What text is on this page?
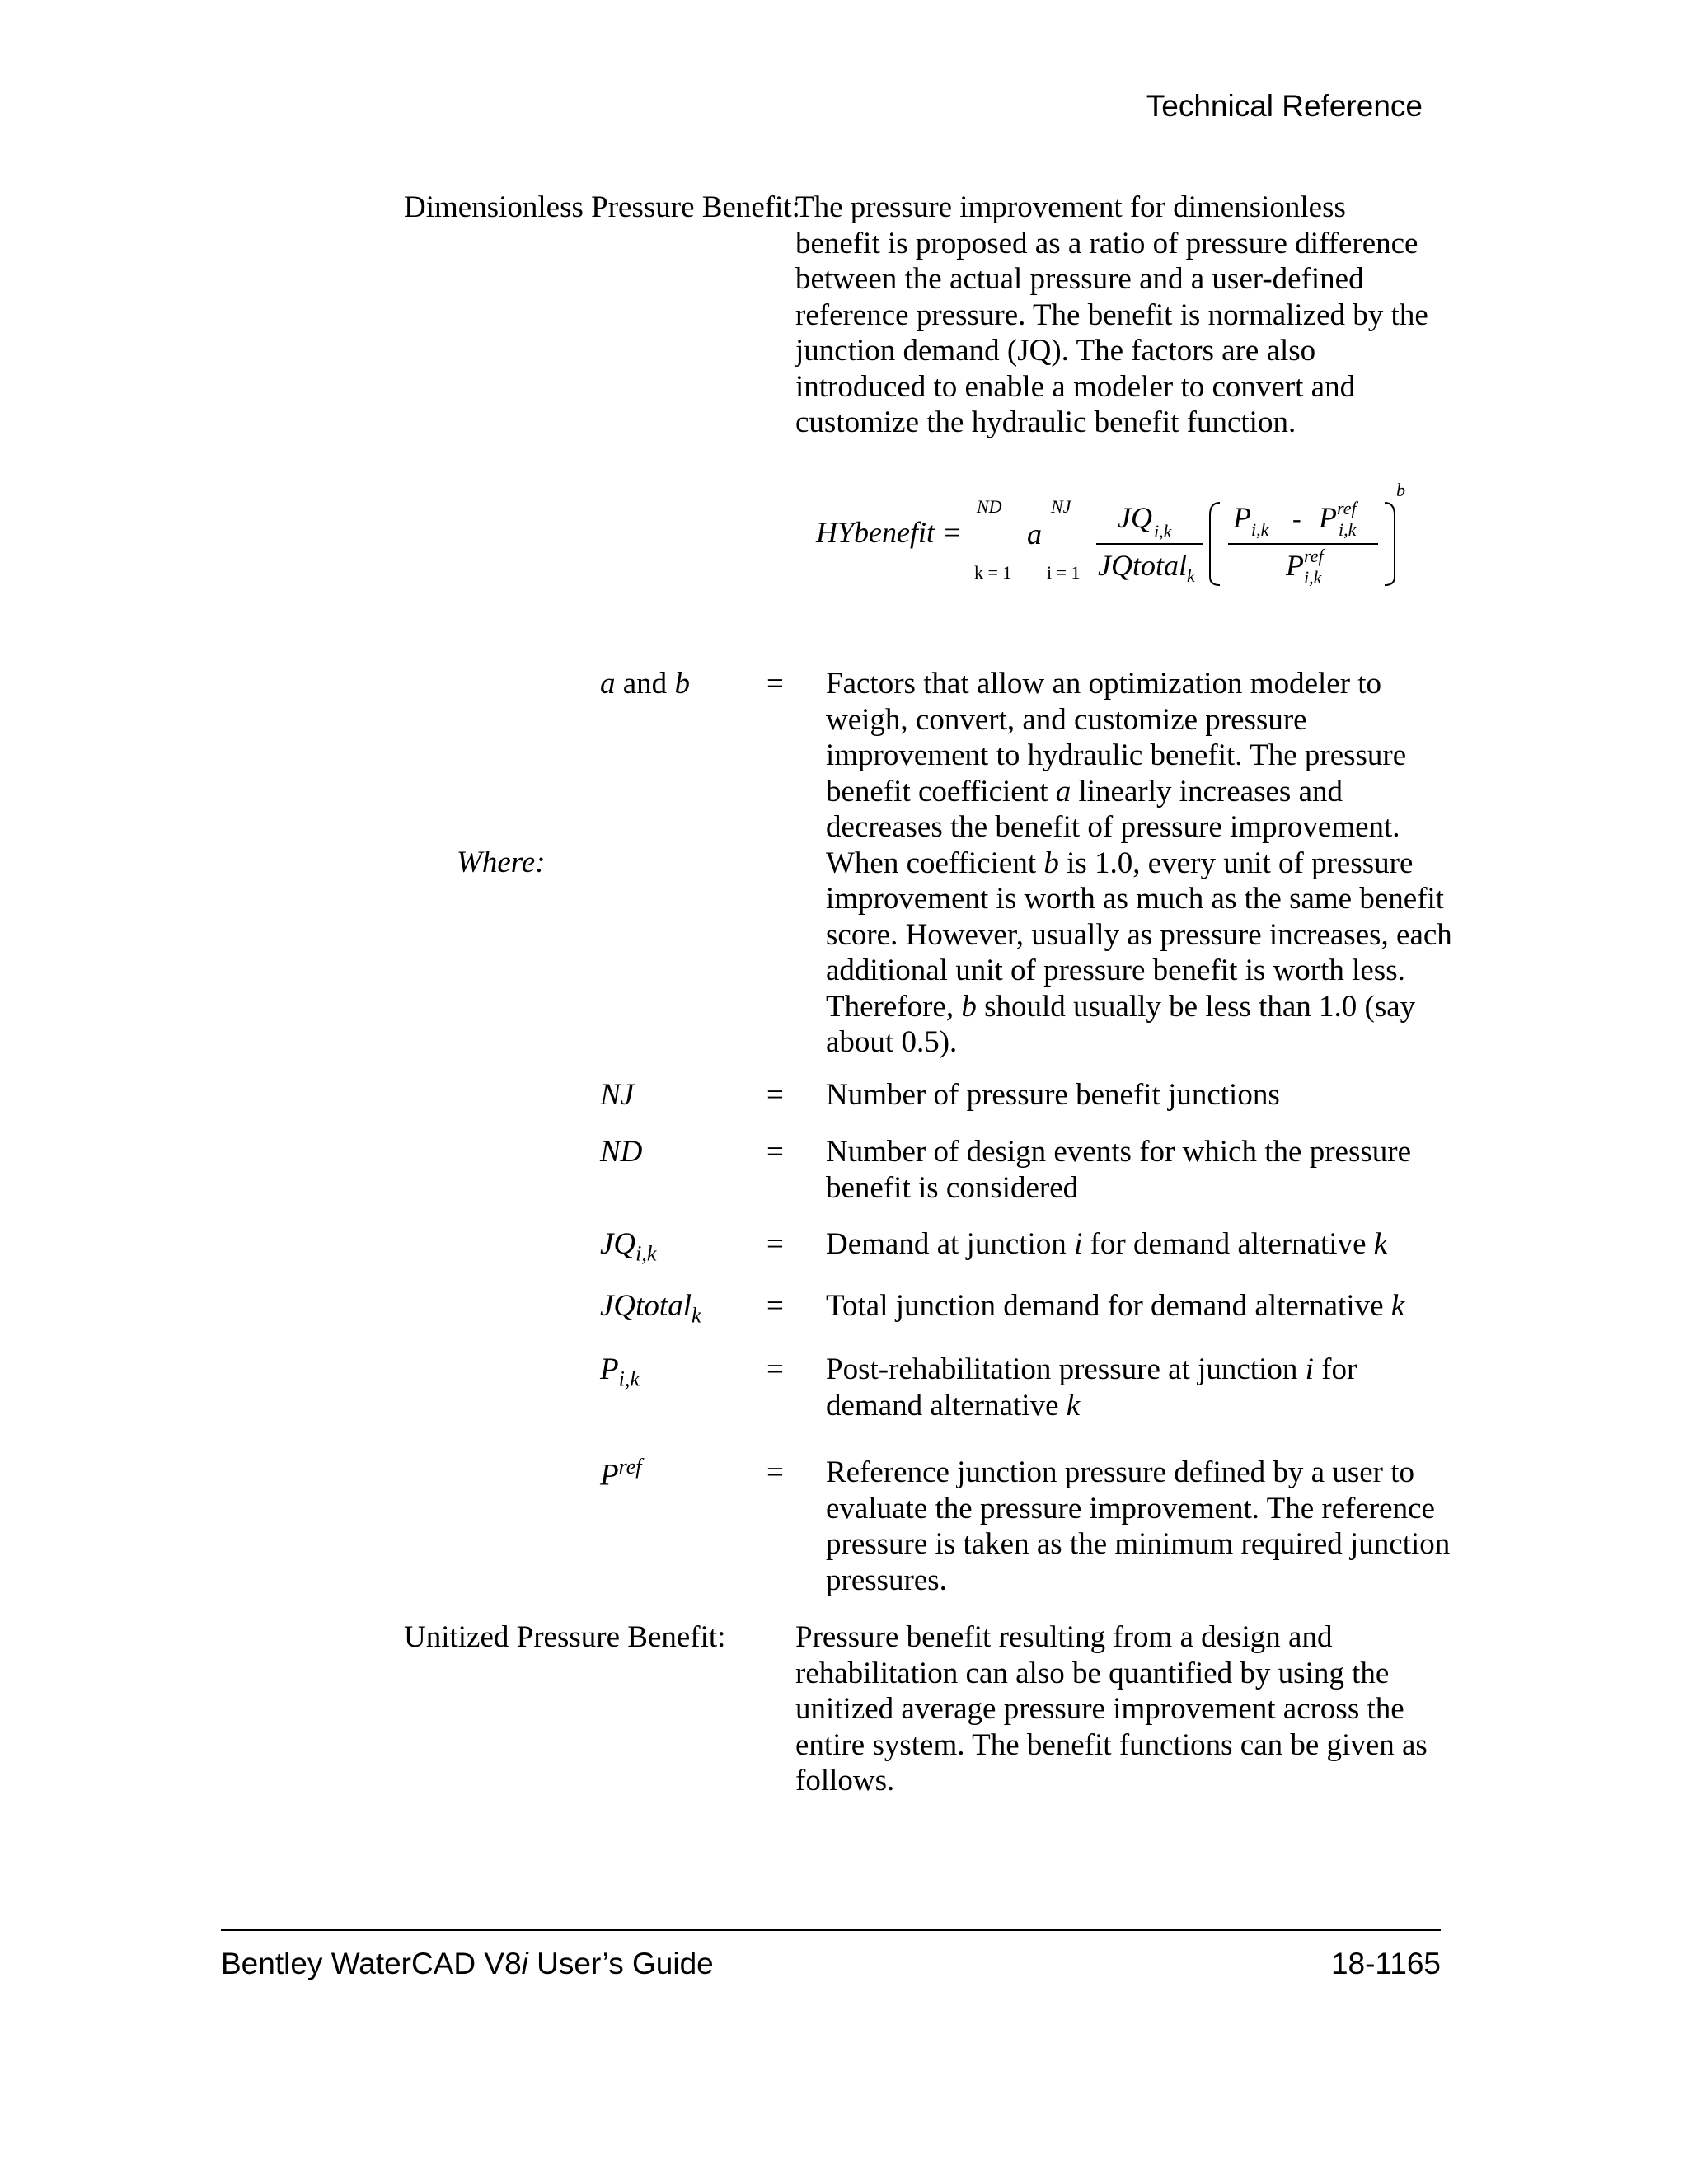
Technical Reference
Dimensionless Pressure Benefit:
The pressure improvement for dimensionless benefit is proposed as a ratio of pressure difference between the actual pressure and a user-defined reference pressure. The benefit is normalized by the junction demand (JQ). The factors are also introduced to enable a modeler to convert and customize the hydraulic benefit function.
HYbenefit =
ND
k = 1
a
NJ
i = 1
JQ i,k
JQtotal k
P i,k - P ref
i,k
P ref
i,k
b
Where:
a and b	= Factors that allow an optimization modeler to weigh, convert, and customize pressure improvement to hydraulic benefit. The pressure benefit coefficient a linearly increases and decreases the benefit of pressure improvement. When coefficient b is 1.0, every unit of pressure improvement is worth as much as the same benefit score. However, usually as pressure increases, each additional unit of pressure benefit is worth less. Therefore, b should usually be less than 1.0 (say about 0.5).
NJ	= Number of pressure benefit junctions
ND	= Number of design events for which the pressure benefit is considered
$JQ_{i,k}$	= Demand at junction i for demand alternative k
JQtotal$_k$ = Total junction demand for demand alternative k
$P_{i,k}$	= Post-rehabilitation pressure at junction i for demand alternative k
$P^{ref}$	= Reference junction pressure defined by a user to evaluate the pressure improvement. The reference pressure is taken as the minimum required junction pressures.
Unitized Pressure Benefit: Pressure benefit resulting from a design and rehabilitation can also be quantified by using the unitized average pressure improvement across the entire system. The benefit functions can be given as follows.
Bentley WaterCAD V8i User’s Guide	18-1165
